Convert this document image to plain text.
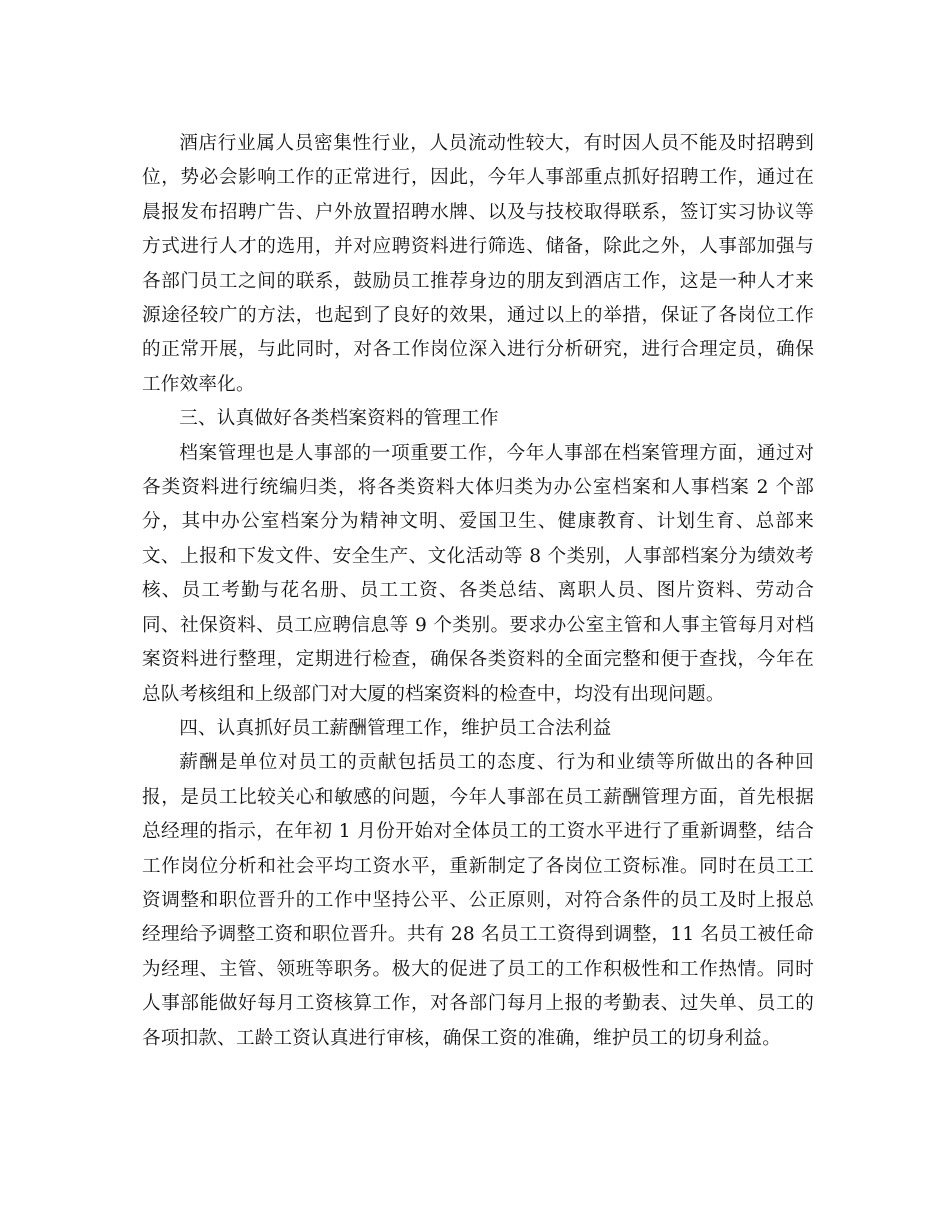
酒店行业属人员密集性行业，人员流动性较大，有时因人员不能及时招聘到位，势必会影响工作的正常进行，因此，今年人事部重点抓好招聘工作，通过在晨报发布招聘广告、户外放置招聘水牌、以及与技校取得联系，签订实习协议等方式进行人才的选用，并对应聘资料进行筛选、储备，除此之外，人事部加强与各部门员工之间的联系，鼓励员工推荐身边的朋友到酒店工作，这是一种人才来源途径较广的方法，也起到了良好的效果，通过以上的举措，保证了各岗位工作的正常开展，与此同时，对各工作岗位深入进行分析研究，进行合理定员，确保工作效率化。

三、认真做好各类档案资料的管理工作

档案管理也是人事部的一项重要工作，今年人事部在档案管理方面，通过对各类资料进行统编归类，将各类资料大体归类为办公室档案和人事档案 2 个部分，其中办公室档案分为精神文明、爱国卫生、健康教育、计划生育、总部来文、上报和下发文件、安全生产、文化活动等 8 个类别，人事部档案分为绩效考核、员工考勤与花名册、员工工资、各类总结、离职人员、图片资料、劳动合同、社保资料、员工应聘信息等 9 个类别。要求办公室主管和人事主管每月对档案资料进行整理，定期进行检查，确保各类资料的全面完整和便于查找，今年在总队考核组和上级部门对大厦的档案资料的检查中，均没有出现问题。

四、认真抓好员工薪酬管理工作，维护员工合法利益

薪酬是单位对员工的贡献包括员工的态度、行为和业绩等所做出的各种回报，是员工比较关心和敏感的问题，今年人事部在员工薪酬管理方面，首先根据总经理的指示，在年初 1 月份开始对全体员工的工资水平进行了重新调整，结合工作岗位分析和社会平均工资水平，重新制定了各岗位工资标准。同时在员工工资调整和职位晋升的工作中坚持公平、公正原则，对符合条件的员工及时上报总经理给予调整工资和职位晋升。共有 28 名员工工资得到调整，11 名员工被任命为经理、主管、领班等职务。极大的促进了员工的工作积极性和工作热情。同时人事部能做好每月工资核算工作，对各部门每月上报的考勤表、过失单、员工的各项扣款、工龄工资认真进行审核，确保工资的准确，维护员工的切身利益。
